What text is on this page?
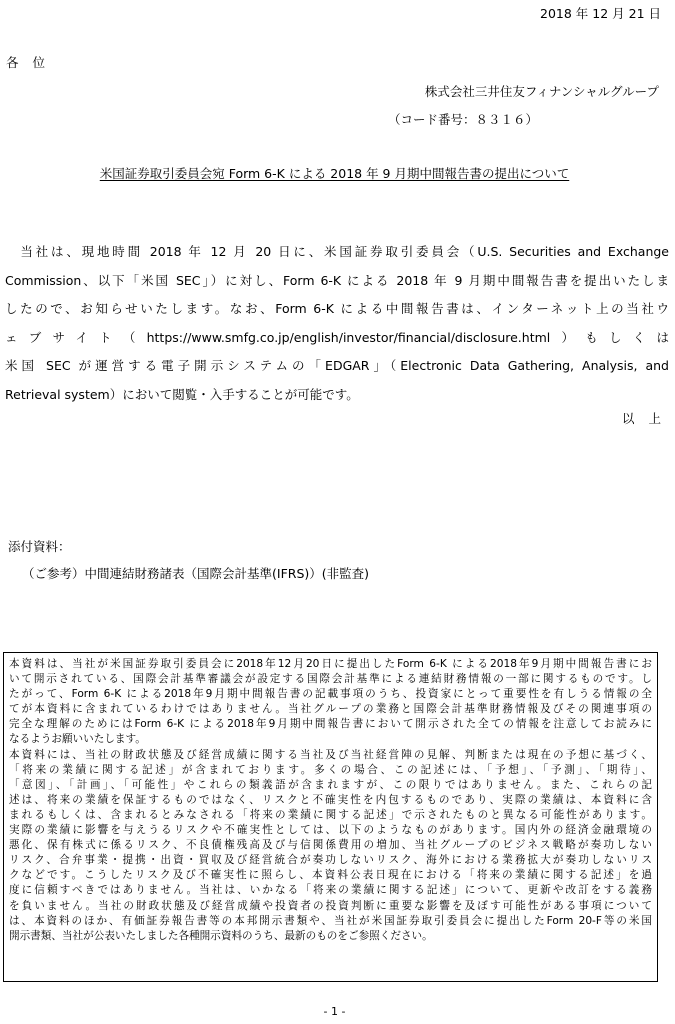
2018 年 12 月 21 日
各位
株式会社三井住友フィナンシャルグループ
（コード番号：８３１６）
米国証券取引委員会宛 Form 6-K による 2018 年 9 月期中間報告書の提出について
　当社は、現地時間 2018 年 12 月 20 日に、米国証券取引委員会（U.S. Securities and Exchange
Commission、以下「米国 SEC」）に対し、Form 6-K による 2018 年 9 月期中間報告書を提出いたしま
したので、お知らせいたします。なお、Form 6-K による中間報告書は、インターネット上の当社ウ
ェブサイト（https://www.smfg.co.jp/english/investor/financial/disclosure.html）もしくは
米国 SEC が運営する電子開示システムの「EDGAR」（Electronic Data Gathering, Analysis, and
Retrieval system）において閲覧・入手することが可能です。
以上
添付資料：
（ご参考）中間連結財務諸表（国際会計基準(IFRS)）(非監査)
本資料は、当社が米国証券取引委員会に2018年12月20日に提出したForm 6-K による2018年9月期中間報告書にお
いて開示されている、国際会計基準審議会が設定する国際会計基準による連結財務情報の一部に関するものです。し
たがって、Form 6-K による2018年9月期中間報告書の記載事項のうち、投資家にとって重要性を有しうる情報の全
てが本資料に含まれているわけではありません。当社グループの業務と国際会計基準財務情報及びその関連事項の
完全な理解のためにはForm 6-K による2018年9月期中間報告書において開示された全ての情報を注意してお読みに
なるようお願いいたします。
本資料には、当社の財政状態及び経営成績に関する当社及び当社経営陣の見解、判断または現在の予想に基づく、
「将来の業績に関する記述」が含まれております。多くの場合、この記述には、「予想」、「予測」、「期待」、
「意図」、「計画」、「可能性」やこれらの類義語が含まれますが、この限りではありません。また、これらの記
述は、将来の業績を保証するものではなく、リスクと不確実性を内包するものであり、実際の業績は、本資料に含
まれるもしくは、含まれるとみなされる「将来の業績に関する記述」で示されたものと異なる可能性があります。
実際の業績に影響を与えうるリスクや不確実性としては、以下のようなものがあります。国内外の経済金融環境の
悪化、保有株式に係るリスク、不良債権残高及び与信関係費用の増加、当社グループのビジネス戦略が奏功しない
リスク、合弁事業・提携・出資・買収及び経営統合が奏功しないリスク、海外における業務拡大が奏功しないリス
クなどです。こうしたリスク及び不確実性に照らし、本資料公表日現在における「将来の業績に関する記述」を過
度に信頼すべきではありません。当社は、いかなる「将来の業績に関する記述」について、更新や改訂をする義務
を負いません。当社の財政状態及び経営成績や投資者の投資判断に重要な影響を及ぼす可能性がある事項について
は、本資料のほか、有価証券報告書等の本邦開示書類や、当社が米国証券取引委員会に提出したForm 20-F等の米国
開示書類、当社が公表いたしました各種開示資料のうち、最新のものをご参照ください。
- 1 -
